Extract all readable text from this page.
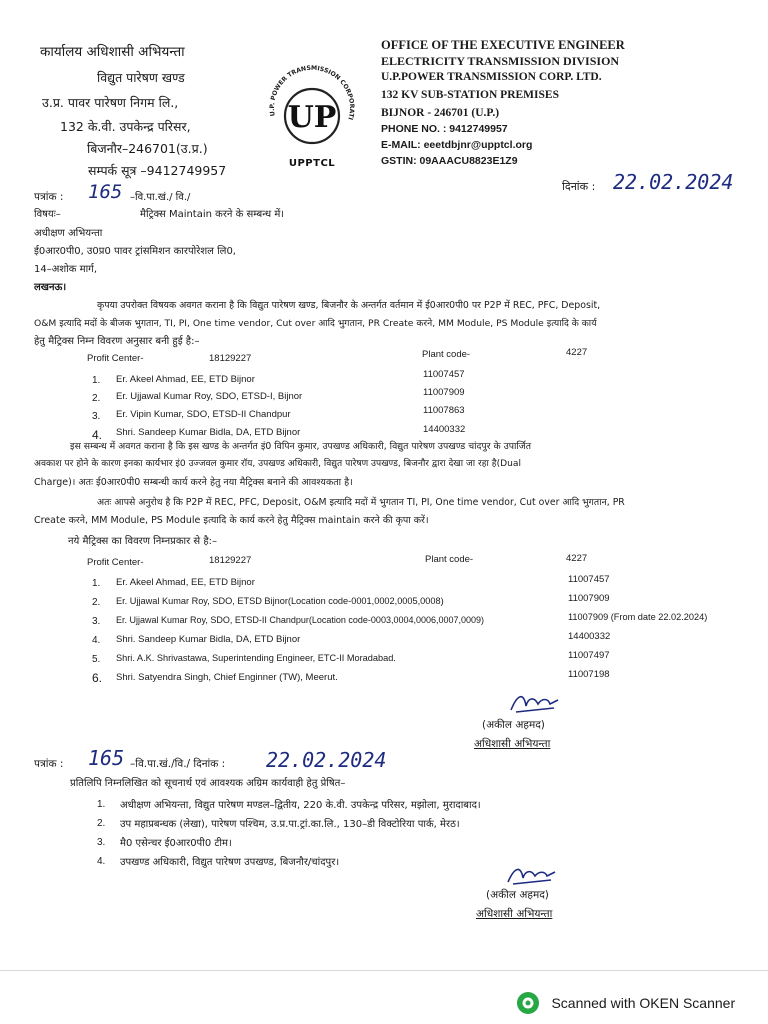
कार्यालय अधिशासी अभियन्ता
विद्युत पारेषण खण्ड
उ.प्र. पावर पारेषण निगम लि.,
132 के.वी. उपकेन्द्र परिसर,
बिजनौर–246701(उ.प्र.)
सम्पर्क सूत्र –9412749957
U.P. POWER TRANSMISSION CORPORATI
UP
UPPTCL
OFFICE OF THE EXECUTIVE ENGINEER
ELECTRICITY TRANSMISSION DIVISION
U.P.POWER TRANSMISSION CORP. LTD.
132 KV SUB-STATION PREMISES
BIJNOR - 246701 (U.P.)
PHONE NO. : 9412749957
E-MAIL: eeetdbjnr@upptcl.org
GSTIN: 09AAACU8823E1Z9
दिनांक : 22.02.2024
पत्रांक : 165 –वि.पा.खं./ वि./
विषयः–	मैट्रिक्स Maintain करने के सम्बन्ध में।
अधीक्षण अभियन्ता
ई0आर0पी0, उ0प्र0 पावर ट्रांसमिशन कारपोरेशल लि0,
14–अशोक मार्ग,
लखनऊ।
कृपया उपरोक्त विषयक अवगत कराना है कि विद्युत पारेषण खण्ड, बिजनौर के अन्तर्गत वर्तमान में ई0आर0पी0 पर P2P में REC, PFC, Deposit,
O&M इत्यादि मदों के बीजक भुगतान, TI, PI, One time vendor, Cut over आदि भुगतान, PR Create करने, MM Module, PS Module इत्यादि के कार्य
हेतु मैट्रिक्स निम्न विवरण अनुसार बनी हुई है:–
Profit Center-	18129227	Plant code-	4227
1. Er. Akeel Ahmad, EE, ETD Bijnor	11007457
2. Er. Ujjawal Kumar Roy, SDO, ETSD-I, Bijnor	11007909
3. Er. Vipin Kumar, SDO, ETSD-II Chandpur	11007863
4. Shri. Sandeep Kumar Bidla, DA, ETD Bijnor	14400332
इस सम्बन्ध में अवगत कराना है कि इस खण्ड के अन्तर्गत इं0 विपिन कुमार, उपखण्ड अधिकारी, विद्युत पारेषण उपखण्ड चांदपुर के उपार्जित
अवकाश पर होने के कारण इनका कार्यभार इं0 उज्जवल कुमार रॉय, उपखण्ड अधिकारी, विद्युत पारेषण उपखण्ड, बिजनौर द्वारा देखा जा रहा है(Dual
Charge)। अतः ई0आर0पी0 सम्बन्धी कार्य करने हेतु नया मैट्रिक्स बनाने की आवश्यकता है।
अतः आपसे अनुरोध है कि P2P में REC, PFC, Deposit, O&M इत्यादि मदों में भुगतान TI, PI, One time vendor, Cut over आदि भुगतान, PR
Create करने, MM Module, PS Module इत्यादि के कार्य करने हेतु मैट्रिक्स maintain करने की कृपा करें।
नये मैट्रिक्स का विवरण निम्नप्रकार से है:–
Profit Center-	18129227	Plant code-	4227
1. Er. Akeel Ahmad, EE, ETD Bijnor	11007457
2. Er. Ujjawal Kumar Roy, SDO, ETSD Bijnor(Location code-0001,0002,0005,0008)	11007909
3. Er. Ujjawal Kumar Roy, SDO, ETSD-II Chandpur(Location code-0003,0004,0006,0007,0009)	11007909 (From date 22.02.2024)
4. Shri. Sandeep Kumar Bidla, DA, ETD Bijnor	14400332
5. Shri. A.K. Shrivastawa, Superintending Engineer, ETC-II Moradabad.	11007497
6. Shri. Satyendra Singh, Chief Enginner (TW), Meerut.	11007198
(अकील अहमद)
अधिशासी अभियन्ता
पत्रांक : 165 –वि.पा.खं./वि./ दिनांक : 22.02.2024
प्रतिलिपि निम्नलिखित को सूचनार्थ एवं आवश्यक अग्रिम कार्यवाही हेतु प्रेषित–
1. अधीक्षण अभियन्ता, विद्युत पारेषण मण्डल–द्वितीय, 220 के.वी. उपकेन्द्र परिसर, मझोला, मुरादाबाद।
2. उप महाप्रबन्धक (लेखा), पारेषण पश्चिम, उ.प्र.पा.ट्रां.का.लि., 130–डी विक्टोरिया पार्क, मेरठ।
3. मै0 एसेन्चर ई0आर0पी0 टीम।
4. उपखण्ड अधिकारी, विद्युत पारेषण उपखण्ड, बिजनौर/चांदपुर।
(अकील अहमद)
अधिशासी अभियन्ता
Scanned with OKEN Scanner
